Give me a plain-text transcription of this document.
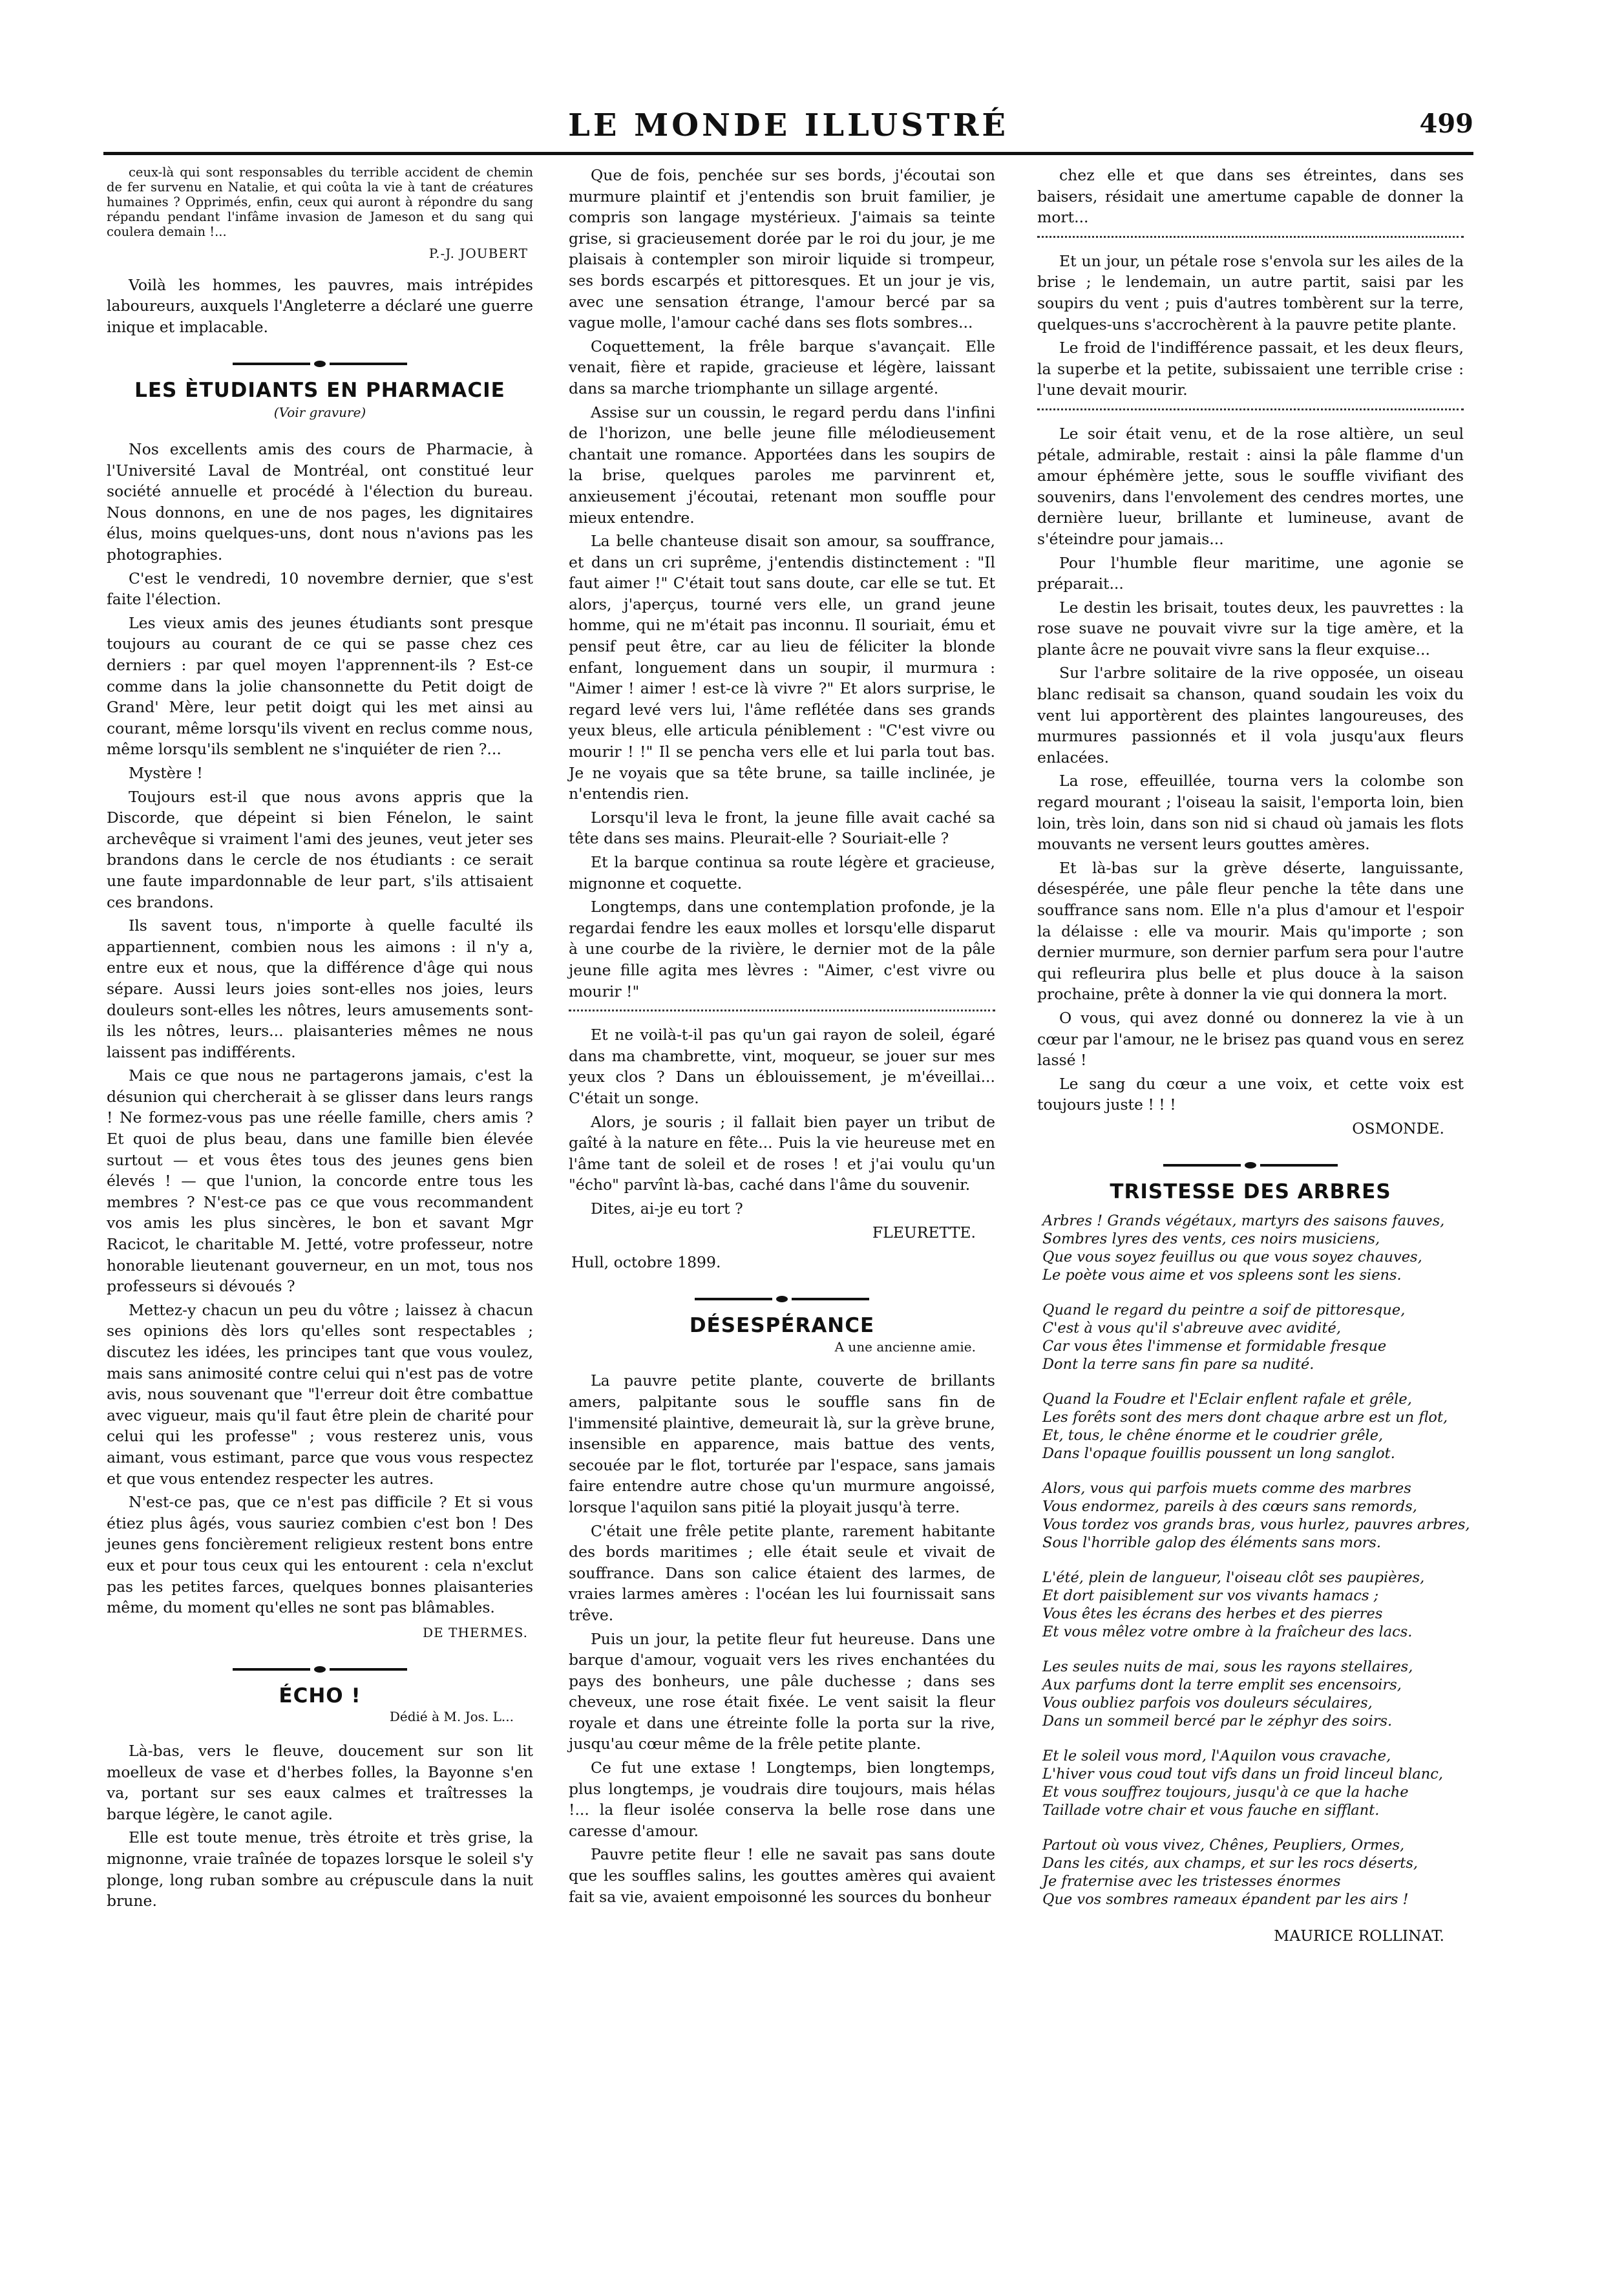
LE MONDE ILLUSTRÉ	499

ceux-là qui sont responsables du terrible accident de chemin de fer survenu en Natalie, et qui coûta la vie à tant de créatures humaines ? Opprimés, enfin, ceux qui auront à répondre du sang répandu pendant l'infâme invasion de Jameson et du sang qui coulera demain !...

P.-J. JOUBERT

Voilà les hommes, les pauvres, mais intrépides laboureurs, auxquels l'Angleterre a déclaré une guerre inique et implacable.

LES ÈTUDIANTS EN PHARMACIE
(Voir gravure)

Nos excellents amis des cours de Pharmacie, à l'Université Laval de Montréal, ont constitué leur société annuelle et procédé à l'élection du bureau. Nous donnons, en une de nos pages, les dignitaires élus, moins quelques-uns, dont nous n'avions pas les photographies.

C'est le vendredi, 10 novembre dernier, que s'est faite l'élection.

Les vieux amis des jeunes étudiants sont presque toujours au courant de ce qui se passe chez ces derniers : par quel moyen l'apprennent-ils ? Est-ce comme dans la jolie chansonnette du Petit doigt de Grand' Mère, leur petit doigt qui les met ainsi au courant, même lorsqu'ils vivent en reclus comme nous, même lorsqu'ils semblent ne s'inquiéter de rien ?...

Mystère !

Toujours est-il que nous avons appris que la Discorde, que dépeint si bien Fénelon, le saint archevêque si vraiment l'ami des jeunes, veut jeter ses brandons dans le cercle de nos étudiants : ce serait une faute impardonnable de leur part, s'ils attisaient ces brandons.

Ils savent tous, n'importe à quelle faculté ils appartiennent, combien nous les aimons : il n'y a, entre eux et nous, que la différence d'âge qui nous sépare. Aussi leurs joies sont-elles nos joies, leurs douleurs sont-elles les nôtres, leurs amusements sont-ils les nôtres, leurs... plaisanteries mêmes ne nous laissent pas indifférents.

Mais ce que nous ne partagerons jamais, c'est la désunion qui chercherait à se glisser dans leurs rangs ! Ne formez-vous pas une réelle famille, chers amis ? Et quoi de plus beau, dans une famille bien élevée surtout — et vous êtes tous des jeunes gens bien élevés ! — que l'union, la concorde entre tous les membres ? N'est-ce pas ce que vous recommandent vos amis les plus sincères, le bon et savant Mgr Racicot, le charitable M. Jetté, votre professeur, notre honorable lieutenant gouverneur, en un mot, tous nos professeurs si dévoués ?

Mettez-y chacun un peu du vôtre ; laissez à chacun ses opinions dès lors qu'elles sont respectables ; discutez les idées, les principes tant que vous voulez, mais sans animosité contre celui qui n'est pas de votre avis, nous souvenant que "l'erreur doit être combattue avec vigueur, mais qu'il faut être plein de charité pour celui qui les professe" ; vous resterez unis, vous aimant, vous estimant, parce que vous vous respectez et que vous entendez respecter les autres.

N'est-ce pas, que ce n'est pas difficile ? Et si vous étiez plus âgés, vous sauriez combien c'est bon ! Des jeunes gens foncièrement religieux restent bons entre eux et pour tous ceux qui les entourent : cela n'exclut pas les petites farces, quelques bonnes plaisanteries même, du moment qu'elles ne sont pas blâmables.

DE THERMES.
ÉCHO !
Dédié à M. Jos. L...

Là-bas, vers le fleuve, doucement sur son lit moelleux de vase et d'herbes folles, la Bayonne s'en va, portant sur ses eaux calmes et traîtresses la barque légère, le canot agile.

Elle est toute menue, très étroite et très grise, la mignonne, vraie traînée de topazes lorsque le soleil s'y plonge, long ruban sombre au crépuscule dans la nuit brune.

Que de fois, penchée sur ses bords, j'écoutai son murmure plaintif et j'entendis son bruit familier, je compris son langage mystérieux. J'aimais sa teinte grise, si gracieusement dorée par le roi du jour, je me plaisais à contempler son miroir liquide si trompeur, ses bords escarpés et pittoresques. Et un jour je vis, avec une sensation étrange, l'amour bercé par sa vague molle, l'amour caché dans ses flots sombres...

Coquettement, la frêle barque s'avançait. Elle venait, fière et rapide, gracieuse et légère, laissant dans sa marche triomphante un sillage argenté.

Assise sur un coussin, le regard perdu dans l'infini de l'horizon, une belle jeune fille mélodieusement chantait une romance. Apportées dans les soupirs de la brise, quelques paroles me parvinrent et, anxieusement j'écoutai, retenant mon souffle pour mieux entendre.

La belle chanteuse disait son amour, sa souffrance, et dans un cri suprême, j'entendis distinctement : "Il faut aimer !" C'était tout sans doute, car elle se tut. Et alors, j'aperçus, tourné vers elle, un grand jeune homme, qui ne m'était pas inconnu. Il souriait, ému et pensif peut être, car au lieu de féliciter la blonde enfant, longuement dans un soupir, il murmura : "Aimer ! aimer ! est-ce là vivre ?" Et alors surprise, le regard levé vers lui, l'âme reflétée dans ses grands yeux bleus, elle articula péniblement : "C'est vivre ou mourir ! !" Il se pencha vers elle et lui parla tout bas. Je ne voyais que sa tête brune, sa taille inclinée, je n'entendis rien.

Lorsqu'il leva le front, la jeune fille avait caché sa tête dans ses mains. Pleurait-elle ? Souriait-elle ?

Et la barque continua sa route légère et gracieuse, mignonne et coquette.

Longtemps, dans une contemplation profonde, je la regardai fendre les eaux molles et lorsqu'elle disparut à une courbe de la rivière, le dernier mot de la pâle jeune fille agita mes lèvres : "Aimer, c'est vivre ou mourir !"

Et ne voilà-t-il pas qu'un gai rayon de soleil, égaré dans ma chambrette, vint, moqueur, se jouer sur mes yeux clos ? Dans un éblouissement, je m'éveillai... C'était un songe.

Alors, je souris ; il fallait bien payer un tribut de gaîté à la nature en fête... Puis la vie heureuse met en l'âme tant de soleil et de roses ! et j'ai voulu qu'un "écho" parvînt là-bas, caché dans l'âme du souvenir.

Dites, ai-je eu tort ?

FLEURETTE.
Hull, octobre 1899.
DÉSESPÉRANCE
A une ancienne amie.

La pauvre petite plante, couverte de brillants amers, palpitante sous le souffle sans fin de l'immensité plaintive, demeurait là, sur la grève brune, insensible en apparence, mais battue des vents, secouée par le flot, torturée par l'espace, sans jamais faire entendre autre chose qu'un murmure angoissé, lorsque l'aquilon sans pitié la ployait jusqu'à terre.

C'était une frêle petite plante, rarement habitante des bords maritimes ; elle était seule et vivait de souffrance. Dans son calice étaient des larmes, de vraies larmes amères : l'océan les lui fournissait sans trêve.

Puis un jour, la petite fleur fut heureuse. Dans une barque d'amour, voguait vers les rives enchantées du pays des bonheurs, une pâle duchesse ; dans ses cheveux, une rose était fixée. Le vent saisit la fleur royale et dans une étreinte folle la porta sur la rive, jusqu'au cœur même de la frêle petite plante.

Ce fut une extase ! Longtemps, bien longtemps, plus longtemps, je voudrais dire toujours, mais hélas !... la fleur isolée conserva la belle rose dans une caresse d'amour.

Pauvre petite fleur ! elle ne savait pas sans doute que les souffles salins, les gouttes amères qui avaient fait sa vie, avaient empoisonné les sources du bonheur

chez elle et que dans ses étreintes, dans ses baisers, résidait une amertume capable de donner la mort...

Et un jour, un pétale rose s'envola sur les ailes de la brise ; le lendemain, un autre partit, saisi par les soupirs du vent ; puis d'autres tombèrent sur la terre, quelques-uns s'accrochèrent à la pauvre petite plante.

Le froid de l'indifférence passait, et les deux fleurs, la superbe et la petite, subissaient une terrible crise : l'une devait mourir.

Le soir était venu, et de la rose altière, un seul pétale, admirable, restait : ainsi la pâle flamme d'un amour éphémère jette, sous le souffle vivifiant des souvenirs, dans l'envolement des cendres mortes, une dernière lueur, brillante et lumineuse, avant de s'éteindre pour jamais...

Pour l'humble fleur maritime, une agonie se préparait...

Le destin les brisait, toutes deux, les pauvrettes : la rose suave ne pouvait vivre sur la tige amère, et la plante âcre ne pouvait vivre sans la fleur exquise...

Sur l'arbre solitaire de la rive opposée, un oiseau blanc redisait sa chanson, quand soudain les voix du vent lui apportèrent des plaintes langoureuses, des murmures passionnés et il vola jusqu'aux fleurs enlacées.

La rose, effeuillée, tourna vers la colombe son regard mourant ; l'oiseau la saisit, l'emporta loin, bien loin, très loin, dans son nid si chaud où jamais les flots mouvants ne versent leurs gouttes amères.

Et là-bas sur la grève déserte, languissante, désespérée, une pâle fleur penche la tête dans une souffrance sans nom. Elle n'a plus d'amour et l'espoir la délaisse : elle va mourir. Mais qu'importe ; son dernier murmure, son dernier parfum sera pour l'autre qui refleurira plus belle et plus douce à la saison prochaine, prête à donner la vie qui donnera la mort.

O vous, qui avez donné ou donnerez la vie à un cœur par l'amour, ne le brisez pas quand vous en serez lassé !

Le sang du cœur a une voix, et cette voix est toujours juste ! ! !

OSMONDE.
TRISTESSE DES ARBRES
Arbres ! Grands végétaux, martyrs des saisons fauves,
Sombres lyres des vents, ces noirs musiciens,
Que vous soyez feuillus ou que vous soyez chauves,
Le poète vous aime et vos spleens sont les siens.
Quand le regard du peintre a soif de pittoresque,
C'est à vous qu'il s'abreuve avec avidité,
Car vous êtes l'immense et formidable fresque
Dont la terre sans fin pare sa nudité.
Quand la Foudre et l'Eclair enflent rafale et grêle,
Les forêts sont des mers dont chaque arbre est un flot,
Et, tous, le chêne énorme et le coudrier grêle,
Dans l'opaque fouillis poussent un long sanglot.
Alors, vous qui parfois muets comme des marbres
Vous endormez, pareils à des cœurs sans remords,
Vous tordez vos grands bras, vous hurlez, pauvres arbres,
Sous l'horrible galop des éléments sans mors.
L'été, plein de langueur, l'oiseau clôt ses paupières,
Et dort paisiblement sur vos vivants hamacs ;
Vous êtes les écrans des herbes et des pierres
Et vous mêlez votre ombre à la fraîcheur des lacs.
Les seules nuits de mai, sous les rayons stellaires,
Aux parfums dont la terre emplit ses encensoirs,
Vous oubliez parfois vos douleurs séculaires,
Dans un sommeil bercé par le zéphyr des soirs.
Et le soleil vous mord, l'Aquilon vous cravache,
L'hiver vous coud tout vifs dans un froid linceul blanc,
Et vous souffrez toujours, jusqu'à ce que la hache
Taillade votre chair et vous fauche en sifflant.
Partout où vous vivez, Chênes, Peupliers, Ormes,
Dans les cités, aux champs, et sur les rocs déserts,
Je fraternise avec les tristesses énormes
Que vos sombres rameaux épandent par les airs !
MAURICE ROLLINAT.
